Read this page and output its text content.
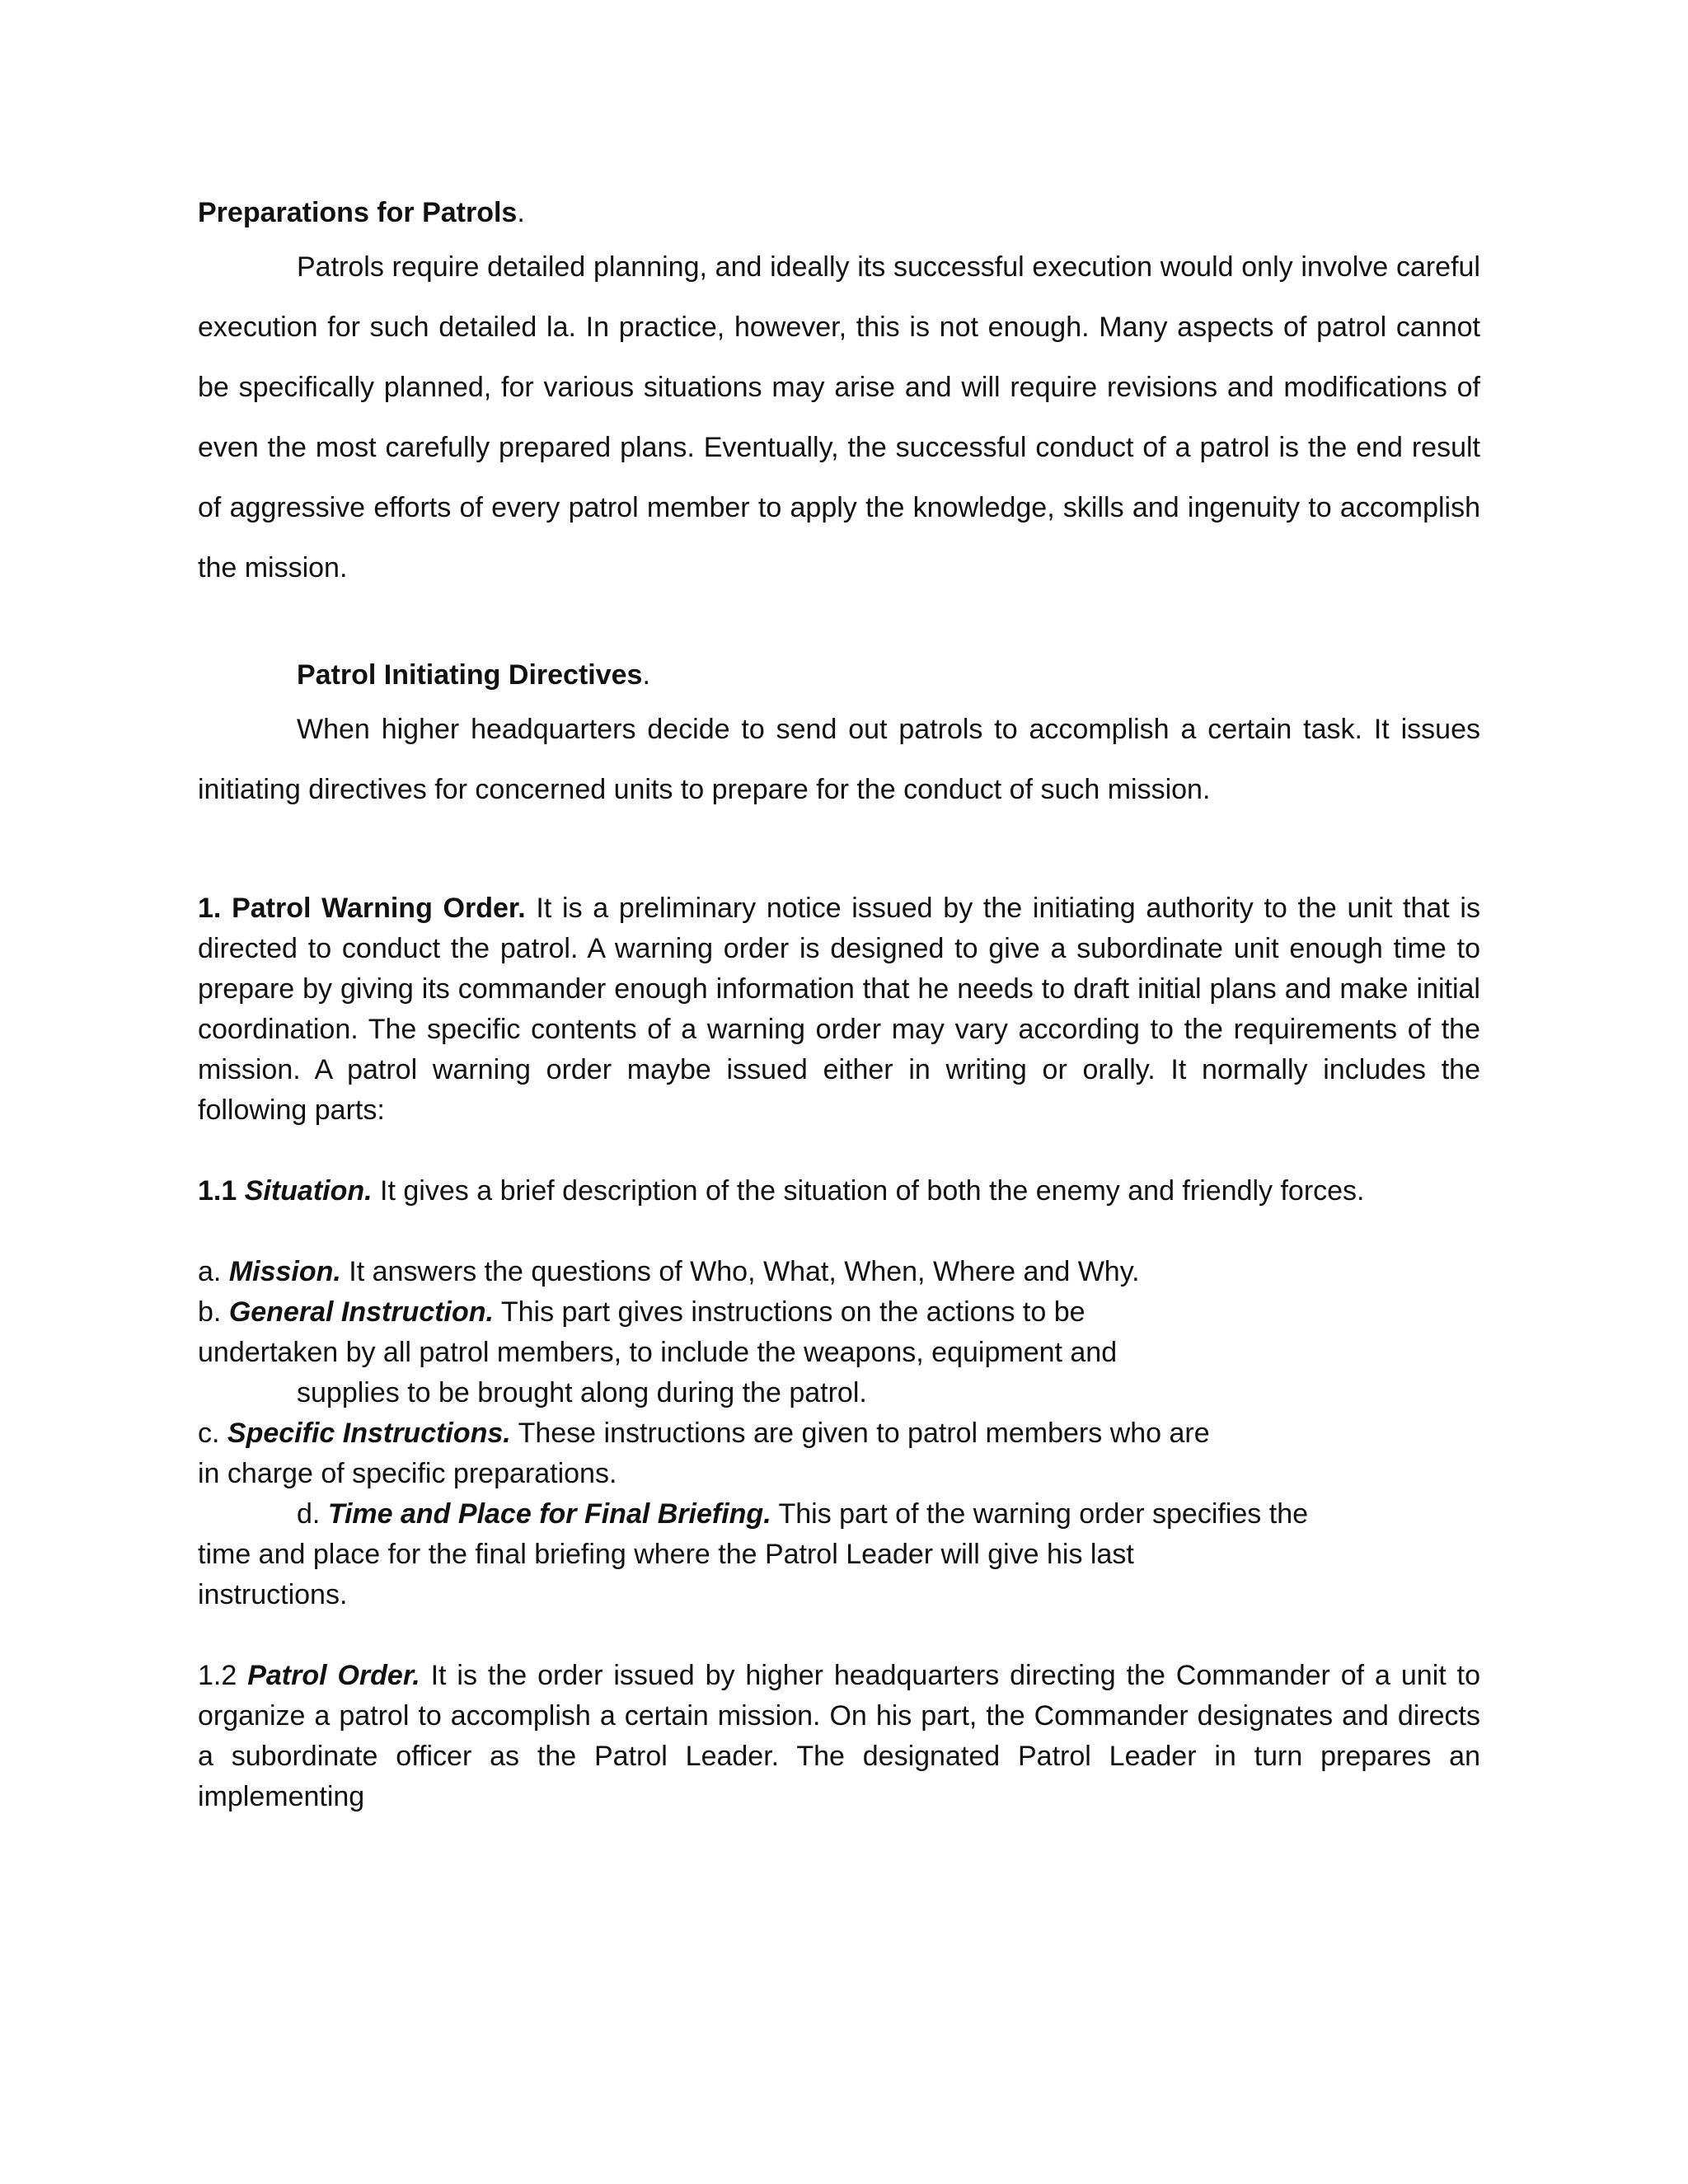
Preparations for Patrols.

Patrols require detailed planning, and ideally its successful execution would only involve careful execution for such detailed la. In practice, however, this is not enough. Many aspects of patrol cannot be specifically planned, for various situations may arise and will require revisions and modifications of even the most carefully prepared plans. Eventually, the successful conduct of a patrol is the end result of aggressive efforts of every patrol member to apply the knowledge, skills and ingenuity to accomplish the mission.

Patrol Initiating Directives.

When higher headquarters decide to send out patrols to accomplish a certain task. It issues initiating directives for concerned units to prepare for the conduct of such mission.

1. Patrol Warning Order. It is a preliminary notice issued by the initiating authority to the unit that is directed to conduct the patrol. A warning order is designed to give a subordinate unit enough time to prepare by giving its commander enough information that he needs to draft initial plans and make initial coordination. The specific contents of a warning order may vary according to the requirements of the mission. A patrol warning order maybe issued either in writing or orally. It normally includes the following parts:

1.1 Situation. It gives a brief description of the situation of both the enemy and friendly forces.

a. Mission. It answers the questions of Who, What, When, Where and Why.

b. General Instruction. This part gives instructions on the actions to be
undertaken by all patrol members, to include the weapons, equipment and

supplies to be brought along during the patrol.

c. Specific Instructions. These instructions are given to patrol members who are
in charge of specific preparations.

d. Time and Place for Final Briefing. This part of the warning order specifies the
time and place for the final briefing where the Patrol Leader will give his last
instructions.

1.2 Patrol Order. It is the order issued by higher headquarters directing the Commander of a unit to organize a patrol to accomplish a certain mission. On his part, the Commander designates and directs a subordinate officer as the Patrol Leader. The designated Patrol Leader in turn prepares an implementing
